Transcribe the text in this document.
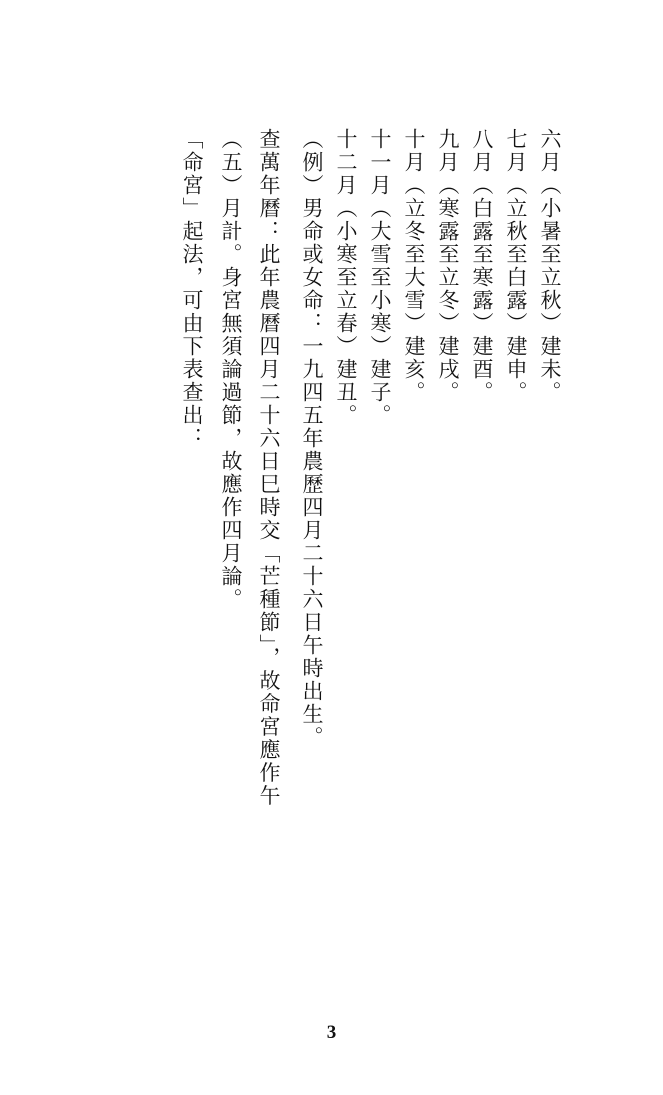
六月（小暑至立秋）建未。
七月（立秋至白露）建申。
八月（白露至寒露）建酉。
九月（寒露至立冬）建戌。
十月（立冬至大雪）建亥。
十一月（大雪至小寒）建子。
十二月（小寒至立春）建丑。
（例）男命或女命：一九四五年農歷四月二十六日午時出生。
查萬年曆：此年農曆四月二十六日巳時交「芒種節」，故命宮應作午
（五）月計。身宮無須論過節，故應作四月論。
「命宮」起法，可由下表查出：
3
